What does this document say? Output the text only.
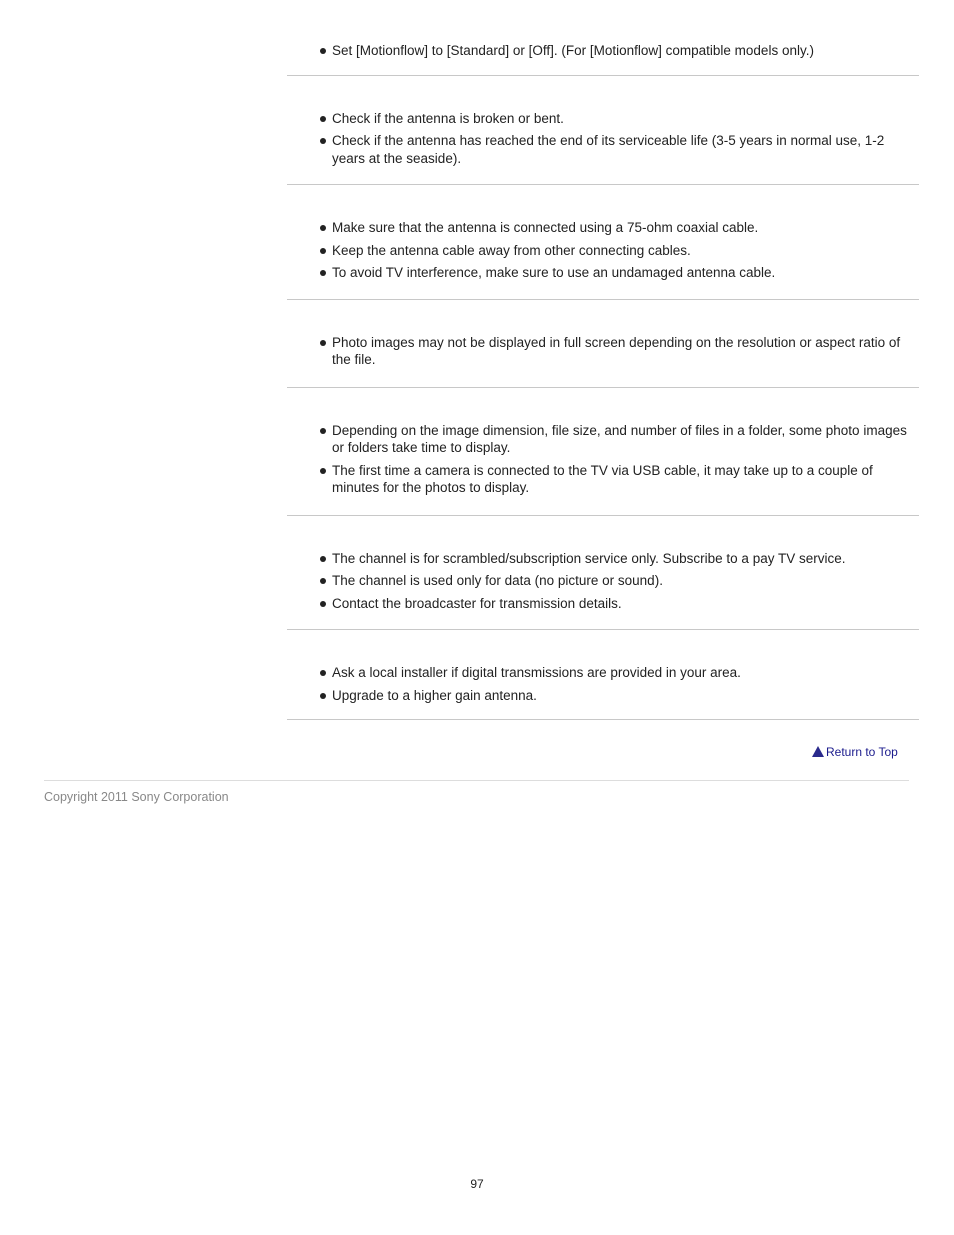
Set [Motionflow] to [Standard] or [Off]. (For [Motionflow] compatible models only.)
Check if the antenna is broken or bent.
Check if the antenna has reached the end of its serviceable life (3-5 years in normal use, 1-2 years at the seaside).
Make sure that the antenna is connected using a 75-ohm coaxial cable.
Keep the antenna cable away from other connecting cables.
To avoid TV interference, make sure to use an undamaged antenna cable.
Photo images may not be displayed in full screen depending on the resolution or aspect ratio of the file.
Depending on the image dimension, file size, and number of files in a folder, some photo images or folders take time to display.
The first time a camera is connected to the TV via USB cable, it may take up to a couple of minutes for the photos to display.
The channel is for scrambled/subscription service only. Subscribe to a pay TV service.
The channel is used only for data (no picture or sound).
Contact the broadcaster for transmission details.
Ask a local installer if digital transmissions are provided in your area.
Upgrade to a higher gain antenna.
Return to Top
Copyright 2011 Sony Corporation
97
